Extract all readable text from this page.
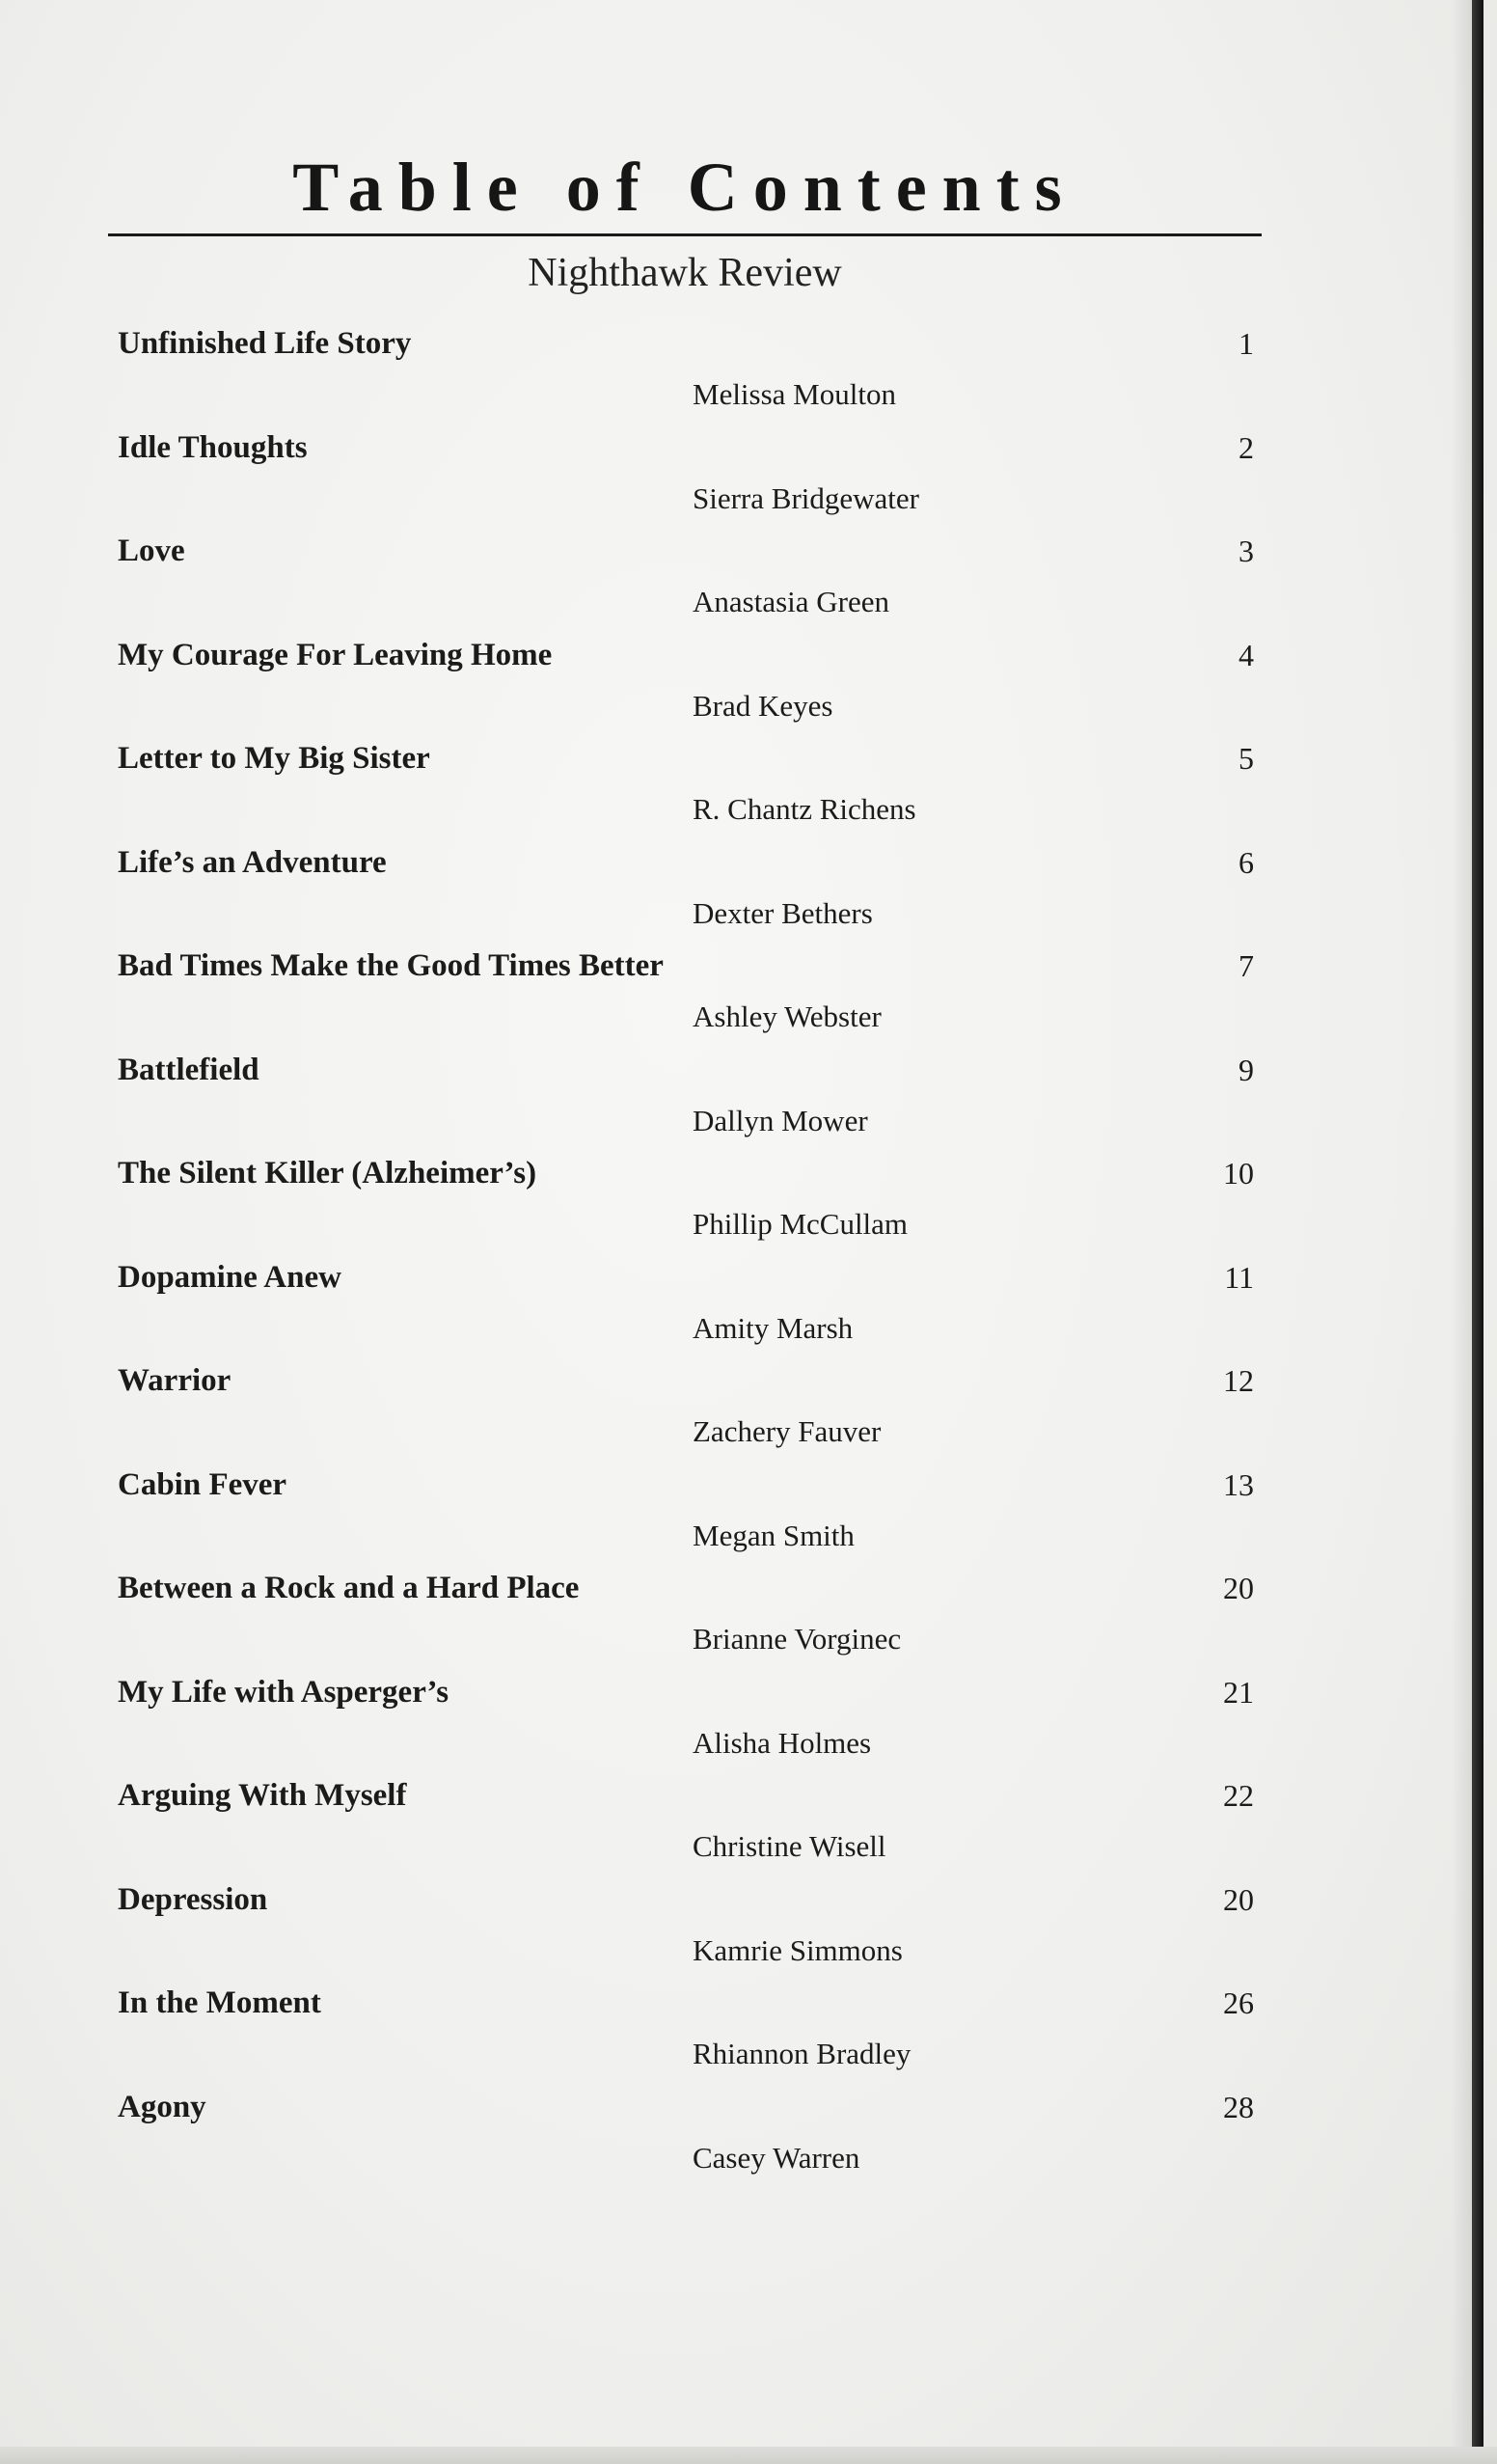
Table of Contents
Nighthawk Review
Unfinished Life Story	1
Melissa Moulton
Idle Thoughts	2
Sierra Bridgewater
Love	3
Anastasia Green
My Courage For Leaving Home	4
Brad Keyes
Letter to My Big Sister	5
R. Chantz Richens
Life’s an Adventure	6
Dexter Bethers
Bad Times Make the Good Times Better	7
Ashley Webster
Battlefield	9
Dallyn Mower
The Silent Killer (Alzheimer’s)	10
Phillip McCullam
Dopamine Anew	11
Amity Marsh
Warrior	12
Zachery Fauver
Cabin Fever	13
Megan Smith
Between a Rock and a Hard Place	20
Brianne Vorginec
My Life with Asperger’s	21
Alisha Holmes
Arguing With Myself	22
Christine Wisell
Depression	20
Kamrie Simmons
In the Moment	26
Rhiannon Bradley
Agony	28
Casey Warren
